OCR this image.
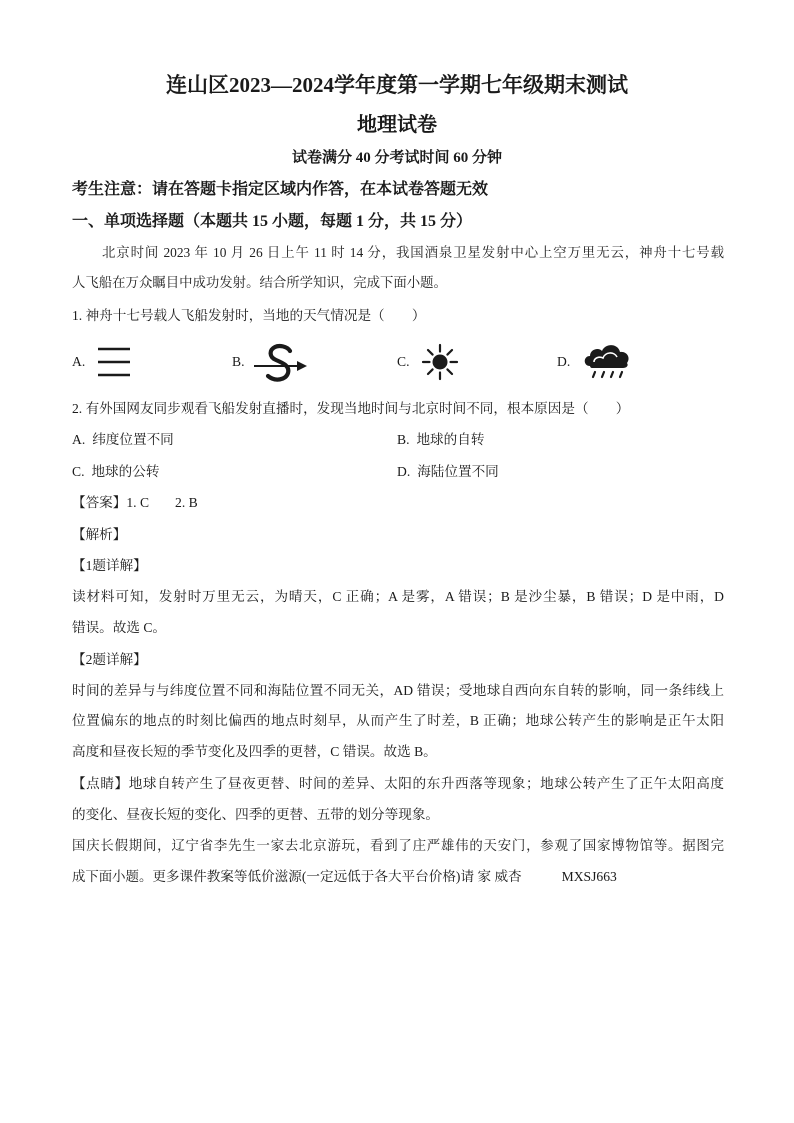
连山区2023—2024学年度第一学期七年级期末测试
地理试卷
试卷满分 40 分考试时间 60 分钟
考生注意：请在答题卡指定区域内作答，在本试卷答题无效
一、单项选择题（本题共 15 小题，每题 1 分，共 15 分）
北京时间 2023 年 10 月 26 日上午 11 时 14 分，我国酒泉卫星发射中心上空万里无云，神舟十七号载
人飞船在万众瞩目中成功发射。结合所学知识，完成下面小题。
1. 神舟十七号载人飞船发射时，当地的天气情况是（　　）
A.	B.	C.	D.
2. 有外国网友同步观看飞船发射直播时，发现当地时间与北京时间不同，根本原因是（　　）
A. 纬度位置不同	B. 地球的自转
C. 地球的公转	D. 海陆位置不同
【答案】1. C 2. B
【解析】
【1题详解】
读材料可知，发射时万里无云，为晴天，C 正确；A 是雾，A 错误；B 是沙尘暴，B 错误；D 是中雨，D
错误。故选 C。
【2题详解】
时间的差异与与纬度位置不同和海陆位置不同无关，AD 错误；受地球自西向东自转的影响，同一条纬线上
位置偏东的地点的时刻比偏西的地点时刻早，从而产生了时差，B 正确；地球公转产生的影响是正午太阳
高度和昼夜长短的季节变化及四季的更替，C 错误。故选 B。
【点睛】地球自转产生了昼夜更替、时间的差异、太阳的东升西落等现象；地球公转产生了正午太阳高度
的变化、昼夜长短的变化、四季的更替、五带的划分等现象。
国庆长假期间，辽宁省李先生一家去北京游玩，看到了庄严雄伟的天安门，参观了国家博物馆等。据图完
成下面小题。更多课件教案等低价滋源(一定远低于各大平台价格)请 家 威杏	MXSJ663
